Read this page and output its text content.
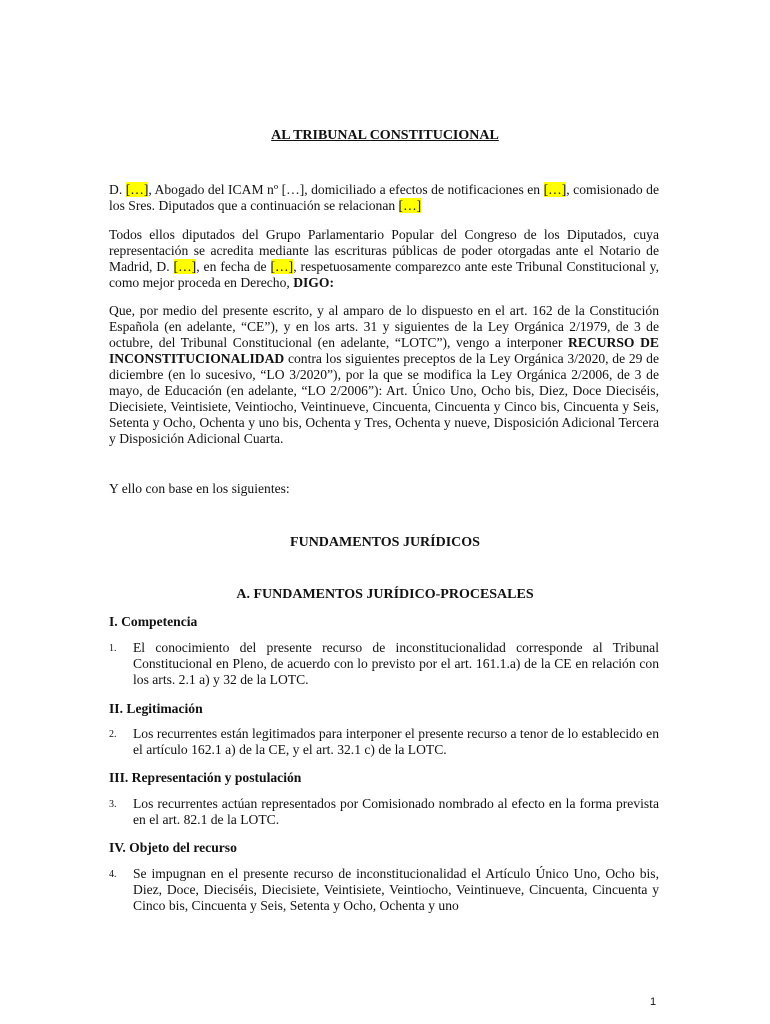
AL TRIBUNAL CONSTITUCIONAL

D. […], Abogado del ICAM nº […], domiciliado a efectos de notificaciones en […], comisionado de los Sres. Diputados que a continuación se relacionan […]

Todos ellos diputados del Grupo Parlamentario Popular del Congreso de los Diputados, cuya representación se acredita mediante las escrituras públicas de poder otorgadas ante el Notario de Madrid, D. […], en fecha de […], respetuosamente comparezco ante este Tribunal Constitucional y, como mejor proceda en Derecho, DIGO:

Que, por medio del presente escrito, y al amparo de lo dispuesto en el art. 162 de la Constitución Española (en adelante, “CE”), y en los arts. 31 y siguientes de la Ley Orgánica 2/1979, de 3 de octubre, del Tribunal Constitucional (en adelante, “LOTC”), vengo a interponer RECURSO DE INCONSTITUCIONALIDAD contra los siguientes preceptos de la Ley Orgánica 3/2020, de 29 de diciembre (en lo sucesivo, “LO 3/2020”), por la que se modifica la Ley Orgánica 2/2006, de 3 de mayo, de Educación (en adelante, “LO 2/2006”): Art. Único Uno, Ocho bis, Diez, Doce Dieciséis, Diecisiete, Veintisiete, Veintiocho, Veintinueve, Cincuenta, Cincuenta y Cinco bis, Cincuenta y Seis, Setenta y Ocho, Ochenta y uno bis, Ochenta y Tres, Ochenta y nueve, Disposición Adicional Tercera y Disposición Adicional Cuarta.

Y ello con base en los siguientes:

FUNDAMENTOS JURÍDICOS
A. FUNDAMENTOS JURÍDICO-PROCESALES
I. Competencia
1.	El conocimiento del presente recurso de inconstitucionalidad corresponde al Tribunal Constitucional en Pleno, de acuerdo con lo previsto por el art. 161.1.a) de la CE en relación con los arts. 2.1 a) y 32 de la LOTC.
II. Legitimación
2.	Los recurrentes están legitimados para interponer el presente recurso a tenor de lo establecido en el artículo 162.1 a) de la CE, y el art. 32.1 c) de la LOTC.
III. Representación y postulación
3.	Los recurrentes actúan representados por Comisionado nombrado al efecto en la forma prevista en el art. 82.1 de la LOTC.
IV. Objeto del recurso
4.	Se impugnan en el presente recurso de inconstitucionalidad el Artículo Único Uno, Ocho bis, Diez, Doce, Dieciséis, Diecisiete, Veintisiete, Veintiocho, Veintinueve, Cincuenta, Cincuenta y Cinco bis, Cincuenta y Seis, Setenta y Ocho, Ochenta y uno
1
